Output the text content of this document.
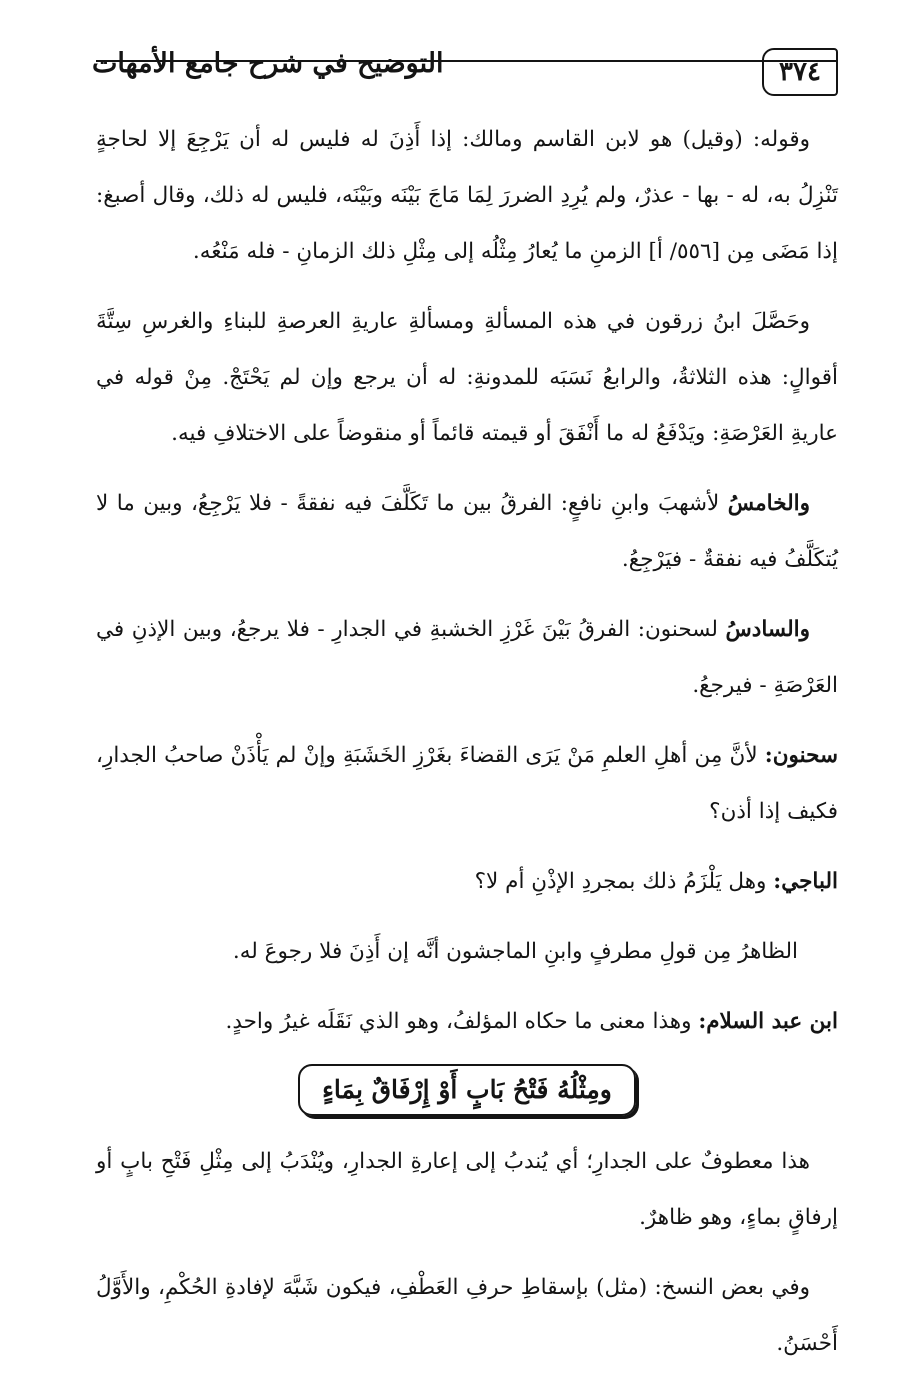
٣٧٤
التوضيح في شرح جامع الأمهات

وقوله: (وقيل) هو لابن القاسم ومالك: إذا أَذِنَ له فليس له أن يَرْجِعَ إلا لحاجةٍ تَنْزِلُ به، له - بها - عذرٌ، ولم يُرِدِ الضررَ لِمَا مَاجَ بَيْنَه وبَيْنَه، فليس له ذلك، وقال أصبغ: إذا مَضَى مِن [٥٥٦/ أ] الزمنِ ما يُعارُ مِثْلُه إلى مِثْلِ ذلك الزمانِ - فله مَنْعُه.

وحَصَّلَ ابنُ زرقون في هذه المسألةِ ومسألةِ عاريةِ العرصةِ للبناءِ والغرسِ سِتَّةَ أقوالٍ: هذه الثلاثةُ، والرابعُ نَسَبَه للمدونةِ: له أن يرجع وإن لم يَحْتَجْ. مِنْ قوله في عاريةِ العَرْصَةِ: ويَدْفَعُ له ما أَنْفَقَ أو قيمته قائماً أو منقوضاً على الاختلافِ فيه.

والخامسُ لأشهبَ وابنِ نافعٍ: الفرقُ بين ما تَكَلَّفَ فيه نفقةً - فلا يَرْجِعُ، وبين ما لا يُتكَلَّفُ فيه نفقةٌ - فيَرْجِعُ.

والسادسُ لسحنون: الفرقُ بَيْنَ غَرْزِ الخشبةِ في الجدارِ - فلا يرجعُ، وبين الإذنِ في العَرْصَةِ - فيرجعُ.

سحنون: لأنَّ مِن أهلِ العلمِ مَنْ يَرَى القضاءَ بغَرْزِ الخَشَبَةِ وإنْ لم يَأْذَنْ صاحبُ الجدارِ، فكيف إذا أذن؟

الباجي: وهل يَلْزَمُ ذلك بمجردِ الإذْنِ أم لا؟

الظاهرُ مِن قولِ مطرفٍ وابنِ الماجشون أنَّه إن أَذِنَ فلا رجوعَ له.

ابن عبد السلام: وهذا معنى ما حكاه المؤلفُ، وهو الذي نَقَلَه غيرُ واحدٍ.

ومِثْلُهُ فَتْحُ بَابٍ أَوْ إِرْفَاقٌ بِمَاءٍ

هذا معطوفٌ على الجدارِ؛ أي يُندبُ إلى إعارةِ الجدارِ، ويُنْدَبُ إلى مِثْلِ فَتْحِ بابٍ أو إرفاقٍ بماءٍ، وهو ظاهرٌ.

وفي بعض النسخ: (مثل) بإسقاطِ حرفِ العَطْفِ، فيكون شَبَّهَ لإفادةِ الحُكْمِ، والأَوَّلُ أَحْسَنُ.
